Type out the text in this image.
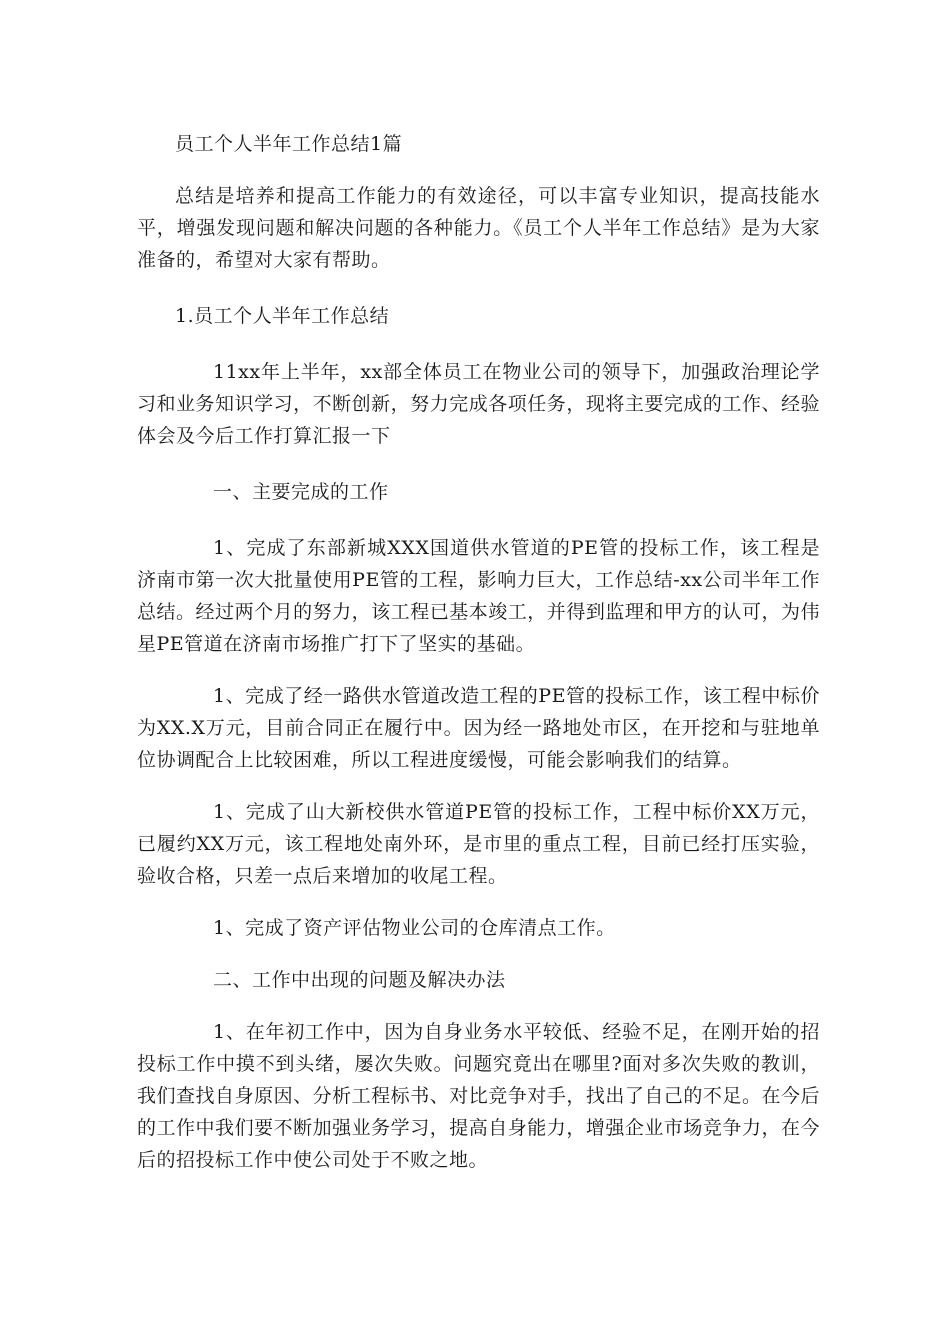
员工个人半年工作总结1篇

总结是培养和提高工作能力的有效途径，可以丰富专业知识，提高技能水平，增强发现问题和解决问题的各种能力。《员工个人半年工作总结》是为大家准备的，希望对大家有帮助。

1.员工个人半年工作总结

11xx年上半年，xx部全体员工在物业公司的领导下，加强政治理论学习和业务知识学习，不断创新，努力完成各项任务，现将主要完成的工作、经验体会及今后工作打算汇报一下

一、主要完成的工作

1、完成了东部新城XXX国道供水管道的PE管的投标工作，该工程是济南市第一次大批量使用PE管的工程，影响力巨大，工作总结-xx公司半年工作总结。经过两个月的努力，该工程已基本竣工，并得到监理和甲方的认可，为伟星PE管道在济南市场推广打下了坚实的基础。

1、完成了经一路供水管道改造工程的PE管的投标工作，该工程中标价为XX.X万元，目前合同正在履行中。因为经一路地处市区，在开挖和与驻地单位协调配合上比较困难，所以工程进度缓慢，可能会影响我们的结算。

1、完成了山大新校供水管道PE管的投标工作，工程中标价XX万元，已履约XX万元，该工程地处南外环，是市里的重点工程，目前已经打压实验，验收合格，只差一点后来增加的收尾工程。

1、完成了资产评估物业公司的仓库清点工作。

二、工作中出现的问题及解决办法

1、在年初工作中，因为自身业务水平较低、经验不足，在刚开始的招投标工作中摸不到头绪，屡次失败。问题究竟出在哪里?面对多次失败的教训，我们查找自身原因、分析工程标书、对比竞争对手，找出了自己的不足。在今后的工作中我们要不断加强业务学习，提高自身能力，增强企业市场竞争力，在今后的招投标工作中使公司处于不败之地。
